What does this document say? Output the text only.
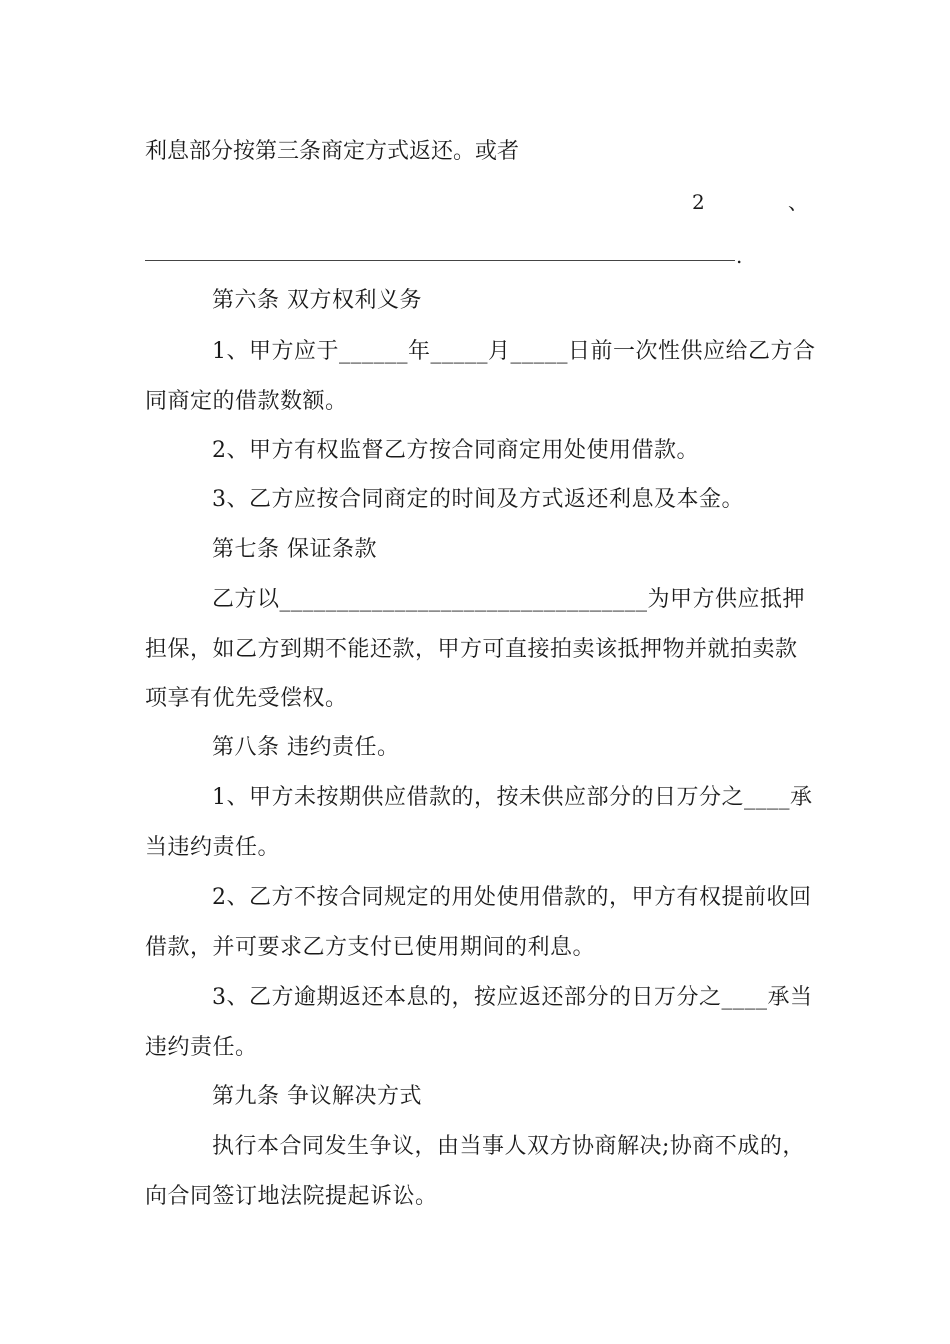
利息部分按第三条商定方式返还。或者
2	、
.
第六条 双方权利义务
1、甲方应于______年_____月_____日前一次性供应给乙方合
同商定的借款数额。
2、甲方有权监督乙方按合同商定用处使用借款。
3、乙方应按合同商定的时间及方式返还利息及本金。
第七条 保证条款
乙方以________________________________为甲方供应抵押
担保，如乙方到期不能还款，甲方可直接拍卖该抵押物并就拍卖款
项享有优先受偿权。
第八条 违约责任。
1、甲方未按期供应借款的，按未供应部分的日万分之____承
当违约责任。
2、乙方不按合同规定的用处使用借款的，甲方有权提前收回
借款，并可要求乙方支付已使用期间的利息。
3、乙方逾期返还本息的，按应返还部分的日万分之____承当
违约责任。
第九条 争议解决方式
执行本合同发生争议，由当事人双方协商解决;协商不成的，
向合同签订地法院提起诉讼。
